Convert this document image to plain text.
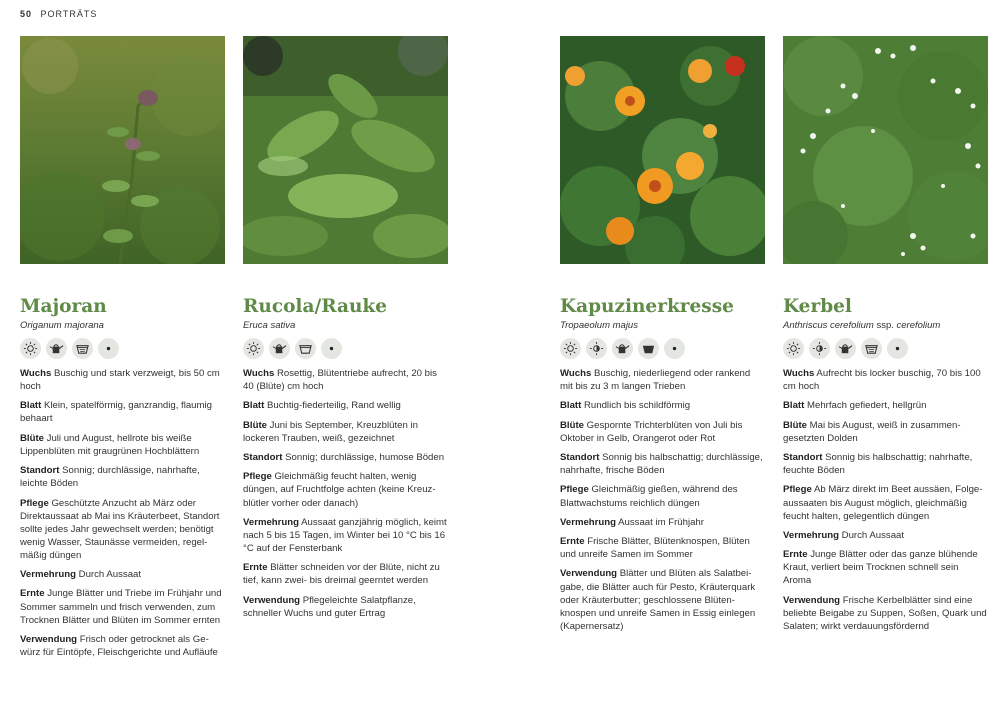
50 PORTRÄTS
Majoran
Origanum majorana
Wuchs Buschig und stark verzweigt, bis 50 cm hoch
Blatt Klein, spatelförmig, ganzrandig, flaumig behaart
Blüte Juli und August, hellrote bis weiße Lippenblüten mit graugrünen Hochblättern
Standort Sonnig; durchlässige, nahrhafte, leichte Böden
Pflege Geschützte Anzucht ab März oder Direktaussaat ab Mai ins Kräuterbeet, Standort sollte jedes Jahr gewechselt werden; benötigt wenig Wasser, Staunässe vermeiden, regelmäßig düngen
Vermehrung Durch Aussaat
Ernte Junge Blätter und Triebe im Frühjahr und Sommer sammeln und frisch verwenden, zum Trocknen Blätter und Blüten im Sommer ernten
Verwendung Frisch oder getrocknet als Gewürz für Eintöpfe, Fleischgerichte und Aufläufe
Rucola/Rauke
Eruca sativa
Wuchs Rosettig, Blütentriebe aufrecht, 20 bis 40 (Blüte) cm hoch
Blatt Buchtig-fiederteilig, Rand wellig
Blüte Juni bis September, Kreuzblüten in lockeren Trauben, weiß, gezeichnet
Standort Sonnig; durchlässige, humose Böden
Pflege Gleichmäßig feucht halten, wenig düngen, auf Fruchtfolge achten (keine Kreuzblütler vorher oder danach)
Vermehrung Aussaat ganzjährig möglich, keimt nach 5 bis 15 Tagen, im Winter bei 10 °C bis 16 °C auf der Fensterbank
Ernte Blätter schneiden vor der Blüte, nicht zu tief, kann zwei- bis dreimal geerntet werden
Verwendung Pflegeleichte Salatpflanze, schneller Wuchs und guter Ertrag
Kapuzinerkresse
Tropaeolum majus
Wuchs Buschig, niederliegend oder rankend mit bis zu 3 m langen Trieben
Blatt Rundlich bis schildförmig
Blüte Gespornte Trichterblüten von Juli bis Oktober in Gelb, Orangerot oder Rot
Standort Sonnig bis halbschattig; durchlässige, nahrhafte, frische Böden
Pflege Gleichmäßig gießen, während des Blattwachstums reichlich düngen
Vermehrung Aussaat im Frühjahr
Ernte Frische Blätter, Blütenknospen, Blüten und unreife Samen im Sommer
Verwendung Blätter und Blüten als Salatbeigabe, die Blätter auch für Pesto, Kräuterquark oder Kräuterbutter; geschlossene Blütenknospen und unreife Samen in Essig einlegen (Kapernersatz)
Kerbel
Anthriscus cerefolium ssp. cerefolium
Wuchs Aufrecht bis locker buschig, 70 bis 100 cm hoch
Blatt Mehrfach gefiedert, hellgrün
Blüte Mai bis August, weiß in zusammengesetzten Dolden
Standort Sonnig bis halbschattig; nahrhafte, feuchte Böden
Pflege Ab März direkt im Beet aussäen, Folgeaussaaten bis August möglich, gleichmäßig feucht halten, gelegentlich düngen
Vermehrung Durch Aussaat
Ernte Junge Blätter oder das ganze blühende Kraut, verliert beim Trocknen schnell sein Aroma
Verwendung Frische Kerbelblätter sind eine beliebte Beigabe zu Suppen, Soßen, Quark und Salaten; wirkt verdauungsfördernd
